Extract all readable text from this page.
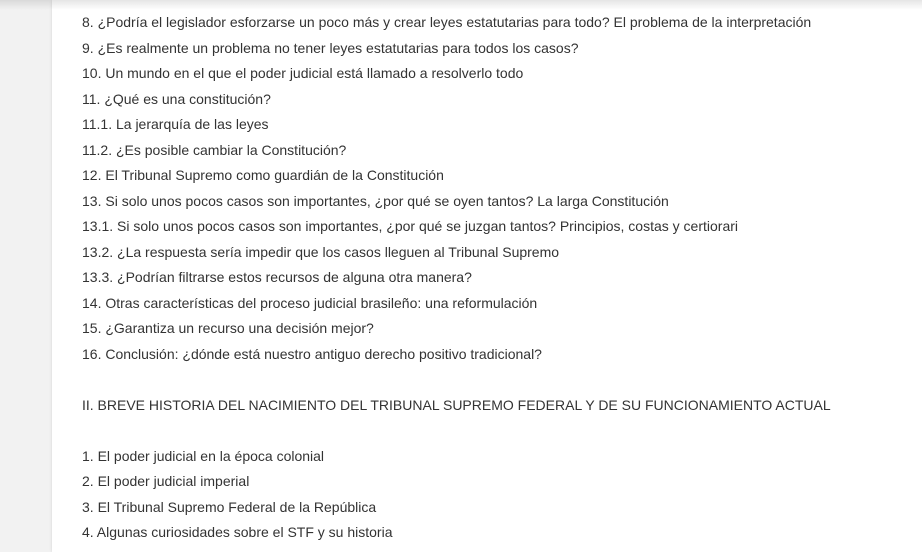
8. ¿Podría el legislador esforzarse un poco más y crear leyes estatutarias para todo? El problema de la interpretación
9. ¿Es realmente un problema no tener leyes estatutarias para todos los casos?
10. Un mundo en el que el poder judicial está llamado a resolverlo todo
11. ¿Qué es una constitución?
11.1. La jerarquía de las leyes
11.2. ¿Es posible cambiar la Constitución?
12. El Tribunal Supremo como guardián de la Constitución
13. Si solo unos pocos casos son importantes, ¿por qué se oyen tantos? La larga Constitución
13.1. Si solo unos pocos casos son importantes, ¿por qué se juzgan tantos? Principios, costas y certiorari
13.2. ¿La respuesta sería impedir que los casos lleguen al Tribunal Supremo
13.3. ¿Podrían filtrarse estos recursos de alguna otra manera?
14. Otras características del proceso judicial brasileño: una reformulación
15. ¿Garantiza un recurso una decisión mejor?
16. Conclusión: ¿dónde está nuestro antiguo derecho positivo tradicional?
II. BREVE HISTORIA DEL NACIMIENTO DEL TRIBUNAL SUPREMO FEDERAL Y DE SU FUNCIONAMIENTO ACTUAL
1. El poder judicial en la época colonial
2. El poder judicial imperial
3. El Tribunal Supremo Federal de la República
4. Algunas curiosidades sobre el STF y su historia
